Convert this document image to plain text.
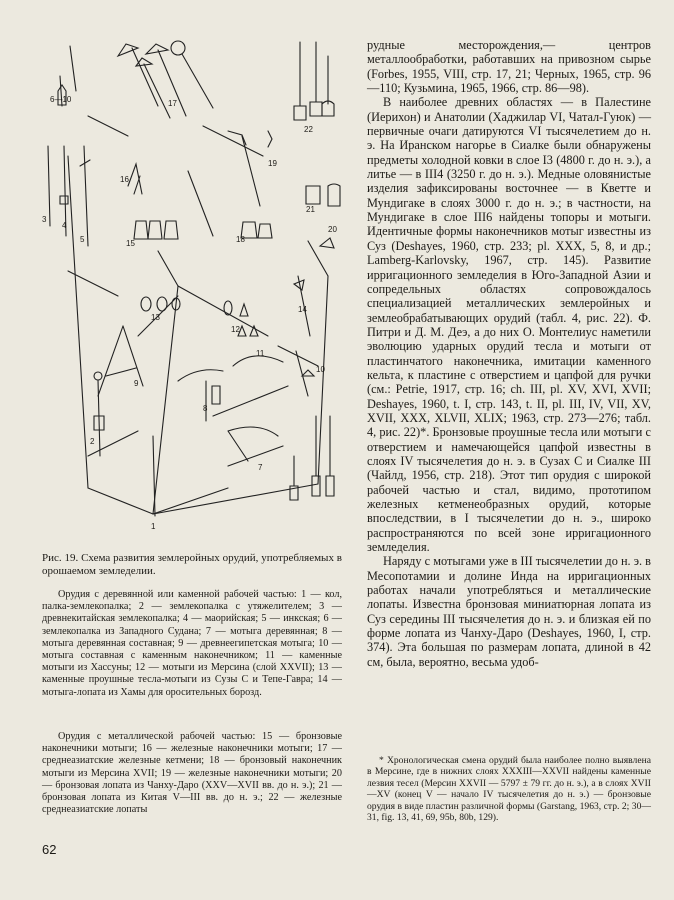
6—10	17
22
16
19
21
3
4
5
20
15	18
13
12
14
11
9
8
10
7
2
1
Рис. 19. Схема развития землеройных орудий, употребляемых в орошаемом земледелии.

Орудия с деревянной или каменной рабочей частью: 1 — кол, палка-землекопалка; 2 — землекопалка с утяжелителем; 3 — древнекитайская землекопалка; 4 — маорийская; 5 — инкская; 6 — землекопалка из Западного Судана; 7 — мотыга деревянная; 8 — мотыга деревянная составная; 9 — древнеегипетская мотыга; 10 — мотыга составная с каменным наконечником; 11 — каменные мотыги из Хассуны; 12 — мотыги из Мерсина (слой XXVII); 13 — каменные проушные тесла-мотыги из Сузы С и Тепе-Гавра; 14 — мотыга-лопата из Хамы для оросительных борозд.

Орудия с металлической рабочей частью: 15 — бронзовые наконечники мотыги; 16 — железные наконечники мотыги; 17 — среднеазиатские железные кетмени; 18 — бронзовый наконечник мотыги из Мерсина XVII; 19 — железные наконечники мотыги; 20 — бронзовая лопата из Чанху-Даро (XXV—XVII вв. до н. э.); 21 — бронзовая лопата из Китая V—III вв. до н. э.; 22 — железные среднеазиатские лопаты

62

рудные месторождения,— центров металлообработки, работавших на привозном сырье (Forbes, 1955, VIII, стр. 17, 21; Черных, 1965, стр. 96—110; Кузьмина, 1965, 1966, стр. 86—98).

В наиболее древних областях — в Палестине (Иерихон) и Анатолии (Хаджилар VI, Чатал-Гуюк) — первичные очаги датируются VI тысячелетием до н. э. На Иранском нагорье в Сиалке были обнаружены предметы холодной ковки в слое I3 (4800 г. до н. э.), а литье — в III4 (3250 г. до н. э.). Медные оловянистые изделия зафиксированы восточнее — в Кветте и Мундигаке в слоях 3000 г. до н. э.; в частности, на Мундигаке в слое III6 найдены топоры и мотыги. Идентичные формы наконечников мотыг известны из Суз (Deshayes, 1960, стр. 233; pl. XXX, 5, 8, и др.; Lamberg-Karlovsky, 1967, стр. 145). Развитие ирригационного земледелия в Юго-Западной Азии и сопредельных областях сопровождалось специализацией металлических землеройных и землеобрабатывающих орудий (табл. 4, рис. 22). Ф. Питри и Д. М. Деэ, а до них О. Монтелиус наметили эволюцию ударных орудий тесла и мотыги от пластинчатого наконечника, имитации каменного кельта, к пластине с отверстием и цапфой для ручки (см.: Petrie, 1917, стр. 16; ch. III, pl. XV, XVI, XVII; Deshayes, 1960, t. I, стр. 143, t. II, pl. III, IV, VII, XV, XVII, XXX, XLVII, XLIX; 1963, стр. 273—276; табл. 4, рис. 22)*. Бронзовые проушные тесла или мотыги с отверстием и намечающейся цапфой известны в слоях IV тысячелетия до н. э. в Сузах С и Сиалке III (Чайлд, 1956, стр. 218). Этот тип орудия с широкой рабочей частью и стал, видимо, прототипом железных кетменеобразных орудий, которые впоследствии, в I тысячелетии до н. э., широко распространяются по всей зоне ирригационного земледелия.

Наряду с мотыгами уже в III тысячелетии до н. э. в Месопотамии и долине Инда на ирригационных работах начали употребляться и металлические лопаты. Известна бронзовая миниатюрная лопата из Суз середины III тысячелетия до н. э. и близкая ей по форме лопата из Чанху-Даро (Deshayes, 1960, I, стр. 374). Эта большая по размерам лопата, длиной в 42 см, была, вероятно, весьма удоб-

* Хронологическая смена орудий была наиболее полно выявлена в Мерсине, где в нижних слоях XXXIII—XXVII найдены каменные лезвия тесел (Мерсин XXVII — 5797 ± 79 гг. до н. э.), а в слоях XVII—XV (конец V — начало IV тысячелетия до н. э.) — бронзовые орудия в виде пластин различной формы (Garstang, 1963, стр. 2; 30—31, fig. 13, 41, 69, 95b, 80b, 129).
